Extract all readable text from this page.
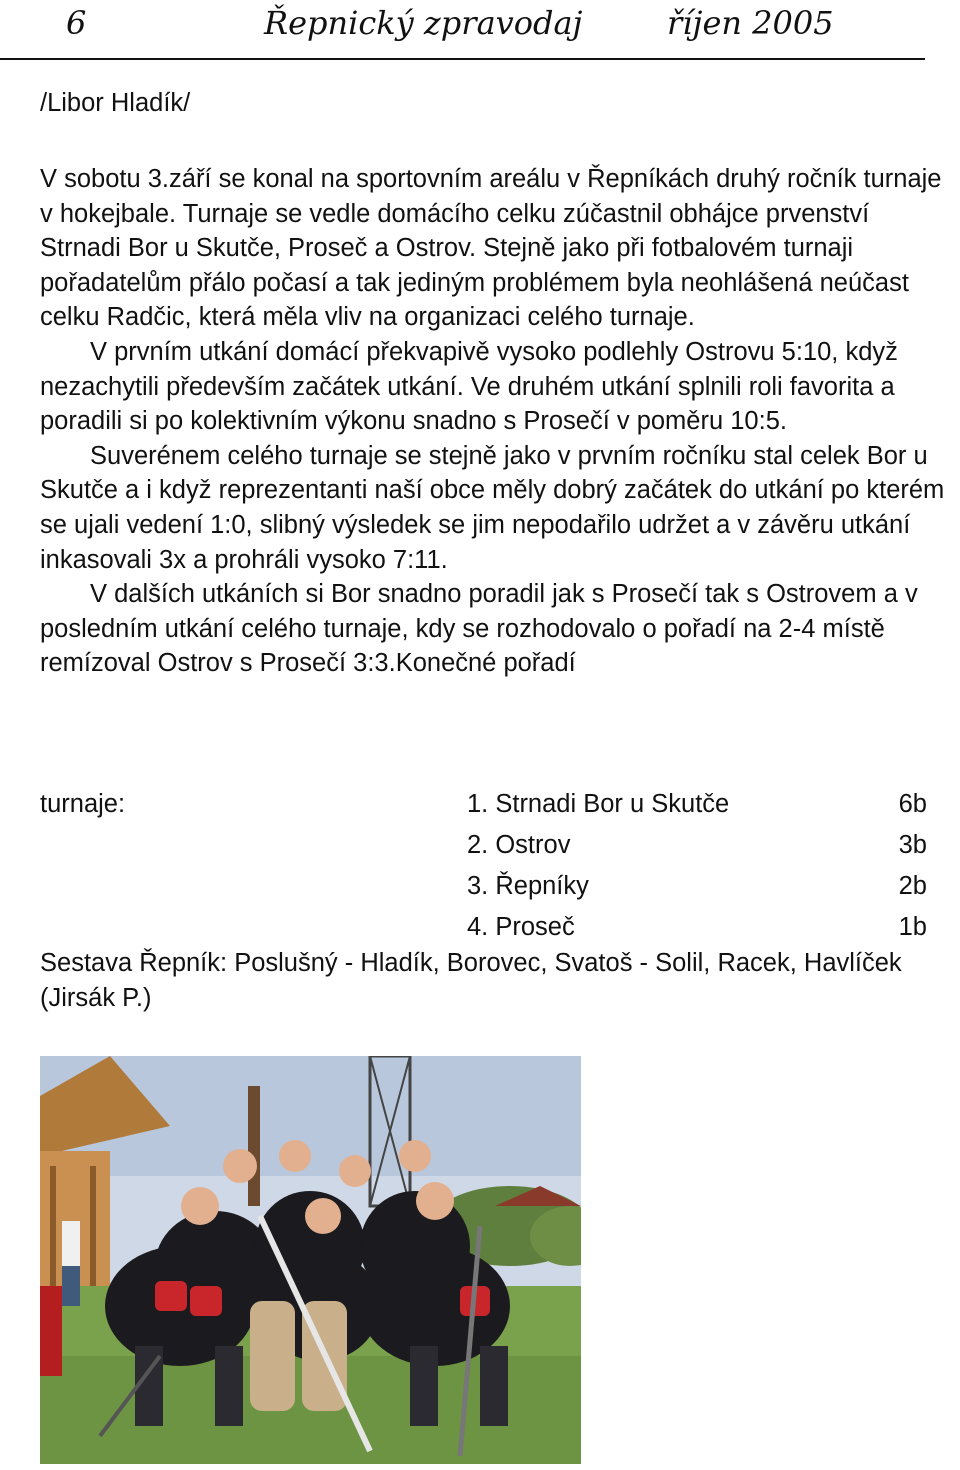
6	Řepnický zpravodaj	říjen 2005
/Libor Hladík/

V sobotu 3.září se konal na sportovním areálu v Řepníkách druhý ročník turnaje v hokejbale. Turnaje se vedle domácího celku zúčastnil obhájce prvenství Strnadi Bor u Skutče, Proseč a Ostrov. Stejně jako při fotbalovém turnaji pořadatelům přálo počasí a tak jediným problémem byla neohlášená neúčast celku Radčic, která měla vliv na organizaci celého turnaje.

V prvním utkání domácí překvapivě vysoko podlehly Ostrovu 5:10, když nezachytili především začátek utkání. Ve druhém utkání splnili roli favorita a poradili si po kolektivním výkonu snadno s Prosečí v poměru 10:5.

Suverénem celého turnaje se stejně jako v prvním ročníku stal celek Bor u Skutče a i když reprezentanti naší obce měly dobrý začátek do utkání po kterém se ujali vedení 1:0, slibný výsledek se jim nepodařilo udržet a v závěru utkání inkasovali 3x a prohráli vysoko 7:11.

V dalších utkáních si Bor snadno poradil jak s Prosečí tak s Ostrovem a v posledním utkání celého turnaje, kdy se rozhodovalo o pořadí na 2-4 místě remízoval Ostrov s Prosečí 3:3.Konečné pořadí

turnaje:	1. Strnadi Bor u Skutče	6b
2. Ostrov	3b
3. Řepníky	2b
4. Proseč	1b
Sestava Řepník: Poslušný - Hladík, Borovec, Svatoš - Solil, Racek, Havlíček (Jirsák P.)
